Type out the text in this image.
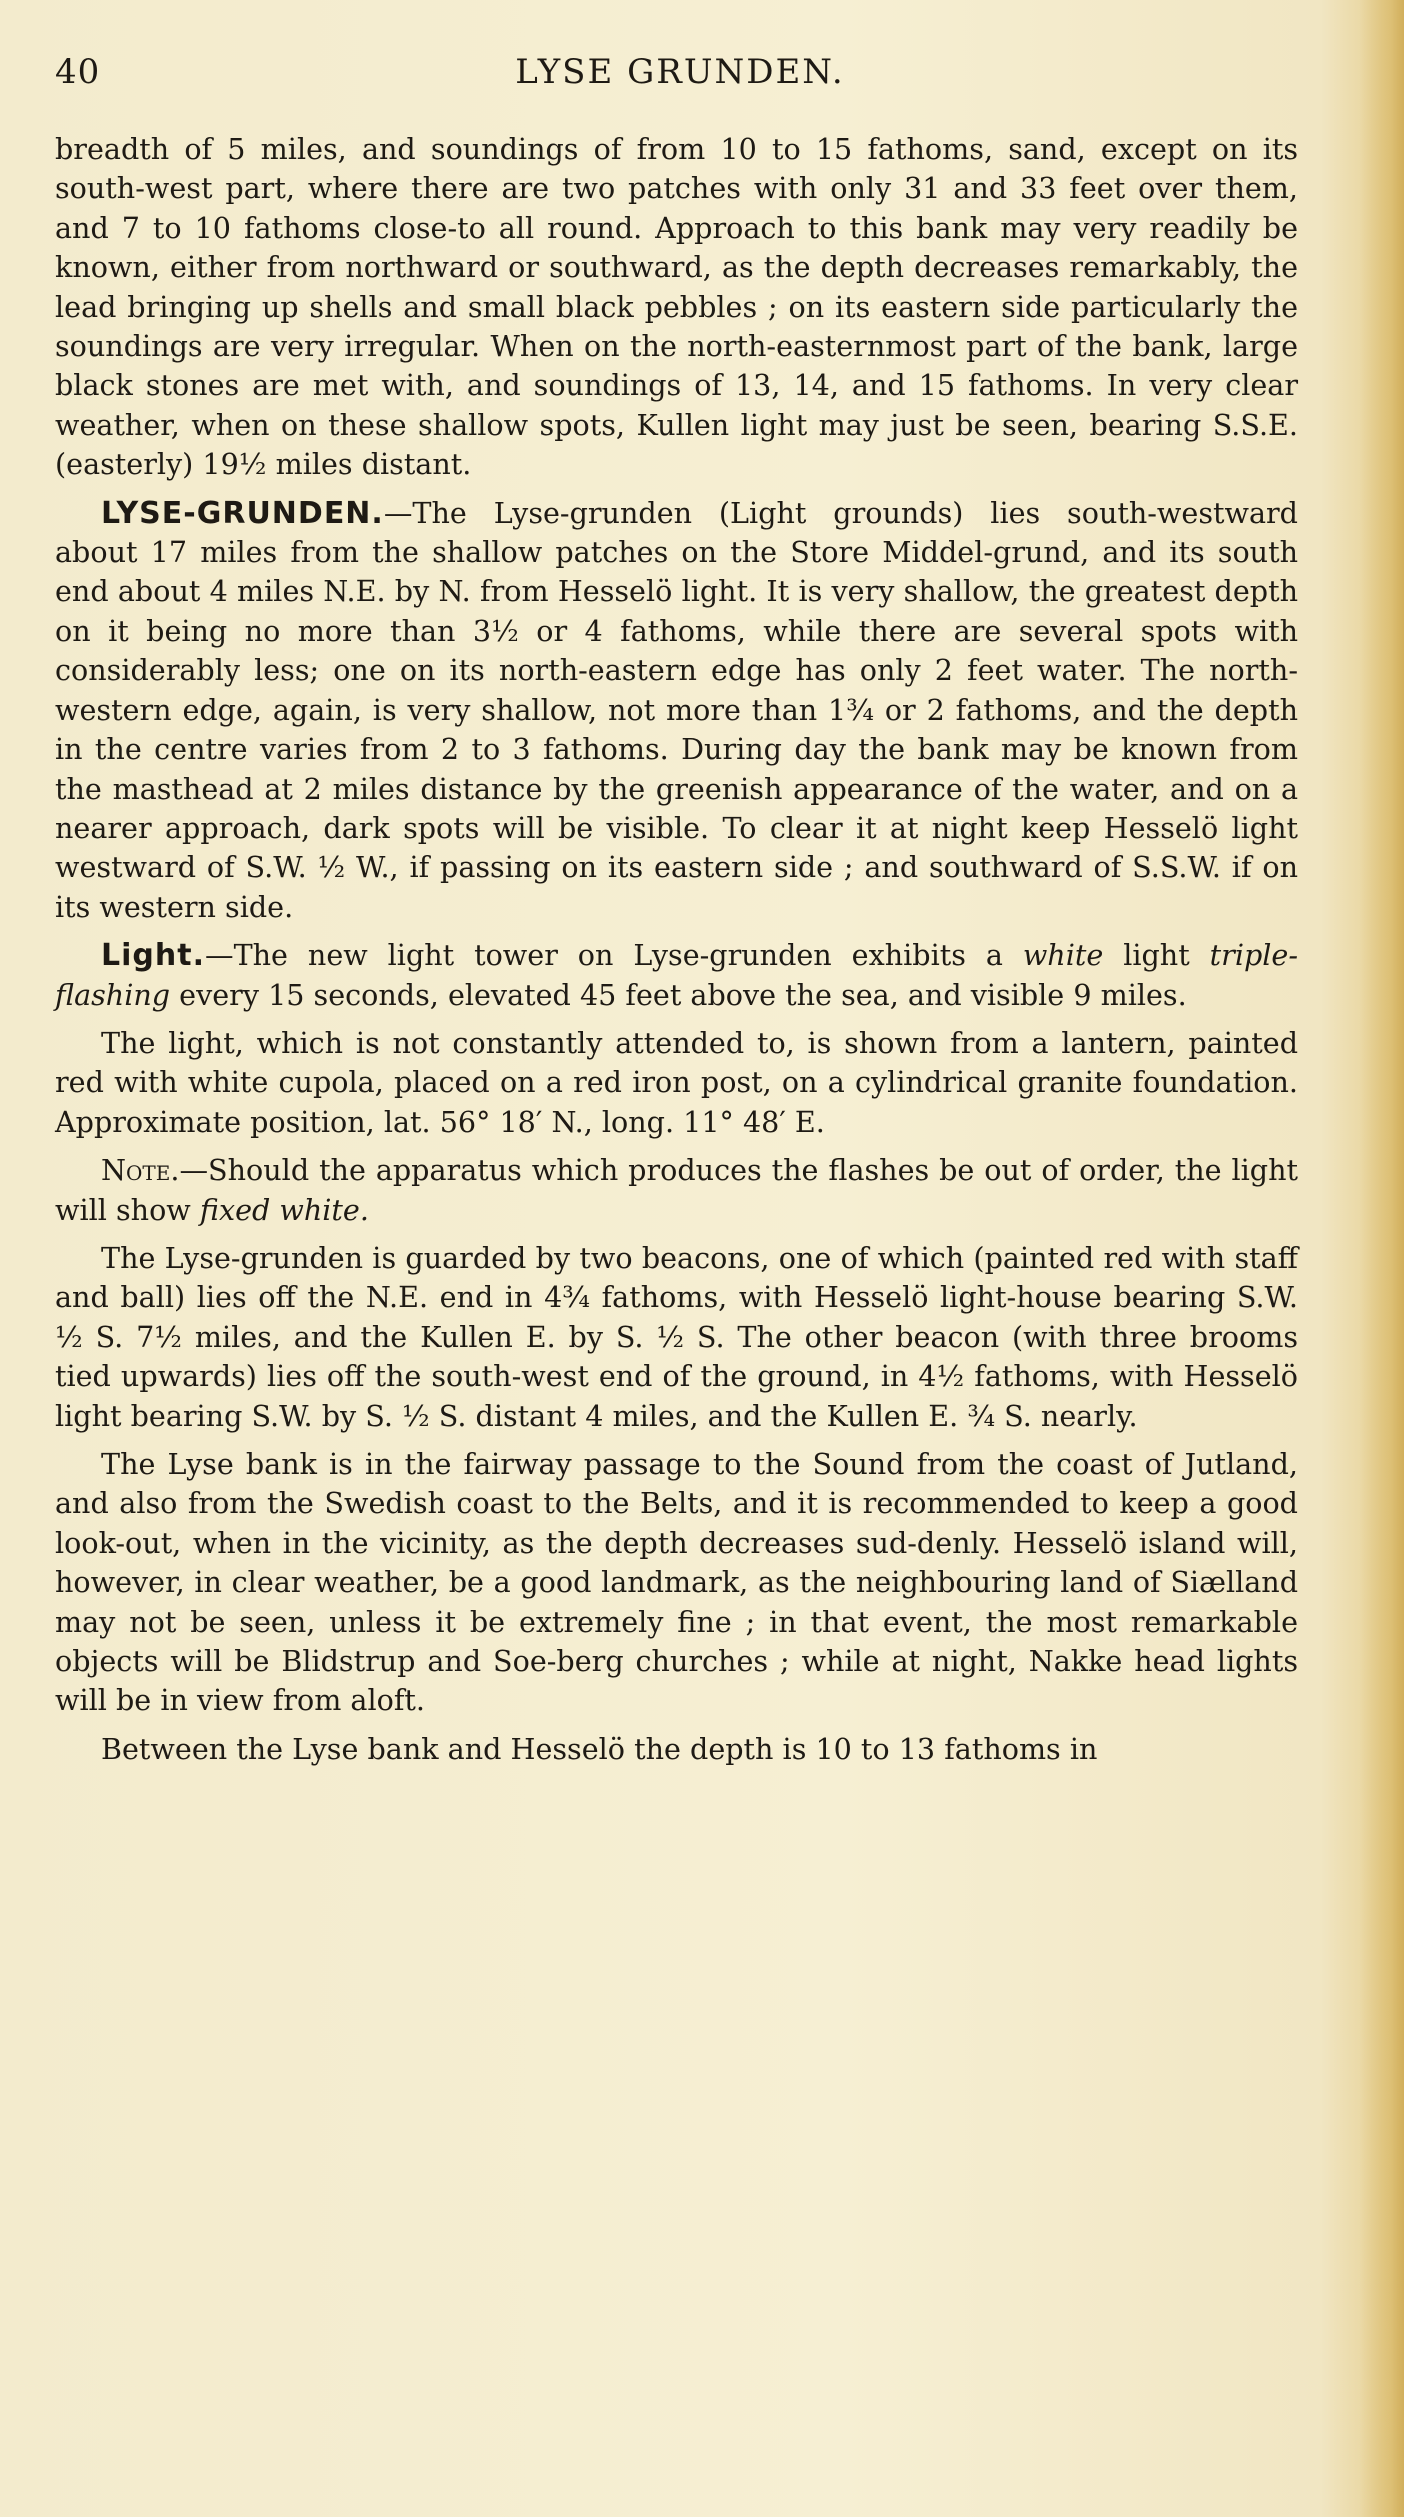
40	LYSE GRUNDEN.

breadth of 5 miles, and soundings of from 10 to 15 fathoms, sand, except on its south-west part, where there are two patches with only 31 and 33 feet over them, and 7 to 10 fathoms close-to all round. Approach to this bank may very readily be known, either from northward or southward, as the depth decreases remarkably, the lead bringing up shells and small black pebbles ; on its eastern side particularly the soundings are very irregular. When on the north-easternmost part of the bank, large black stones are met with, and soundings of 13, 14, and 15 fathoms. In very clear weather, when on these shallow spots, Kullen light may just be seen, bearing S.S.E. (easterly) 19½ miles distant.

LYSE-GRUNDEN.—The Lyse-grunden (Light grounds) lies south-westward about 17 miles from the shallow patches on the Store Middel-grund, and its south end about 4 miles N.E. by N. from Hesselö light. It is very shallow, the greatest depth on it being no more than 3½ or 4 fathoms, while there are several spots with considerably less; one on its north-eastern edge has only 2 feet water. The north-western edge, again, is very shallow, not more than 1¾ or 2 fathoms, and the depth in the centre varies from 2 to 3 fathoms. During day the bank may be known from the masthead at 2 miles distance by the greenish appearance of the water, and on a nearer approach, dark spots will be visible. To clear it at night keep Hesselö light westward of S.W. ½ W., if passing on its eastern side ; and southward of S.S.W. if on its western side.

Light.—The new light tower on Lyse-grunden exhibits a white light triple-flashing every 15 seconds, elevated 45 feet above the sea, and visible 9 miles.

The light, which is not constantly attended to, is shown from a lantern, painted red with white cupola, placed on a red iron post, on a cylindrical granite foundation. Approximate position, lat. 56° 18′ N., long. 11° 48′ E.

Note.—Should the apparatus which produces the flashes be out of order, the light will show fixed white.

The Lyse-grunden is guarded by two beacons, one of which (painted red with staff and ball) lies off the N.E. end in 4¾ fathoms, with Hesselö light-house bearing S.W. ½ S. 7½ miles, and the Kullen E. by S. ½ S. The other beacon (with three brooms tied upwards) lies off the south-west end of the ground, in 4½ fathoms, with Hesselö light bearing S.W. by S. ½ S. distant 4 miles, and the Kullen E. ¾ S. nearly.

The Lyse bank is in the fairway passage to the Sound from the coast of Jutland, and also from the Swedish coast to the Belts, and it is recommended to keep a good look-out, when in the vicinity, as the depth decreases sud-denly. Hesselö island will, however, in clear weather, be a good landmark, as the neighbouring land of Siælland may not be seen, unless it be extremely fine ; in that event, the most remarkable objects will be Blidstrup and Soe-berg churches ; while at night, Nakke head lights will be in view from aloft.

Between the Lyse bank and Hesselö the depth is 10 to 13 fathoms in
